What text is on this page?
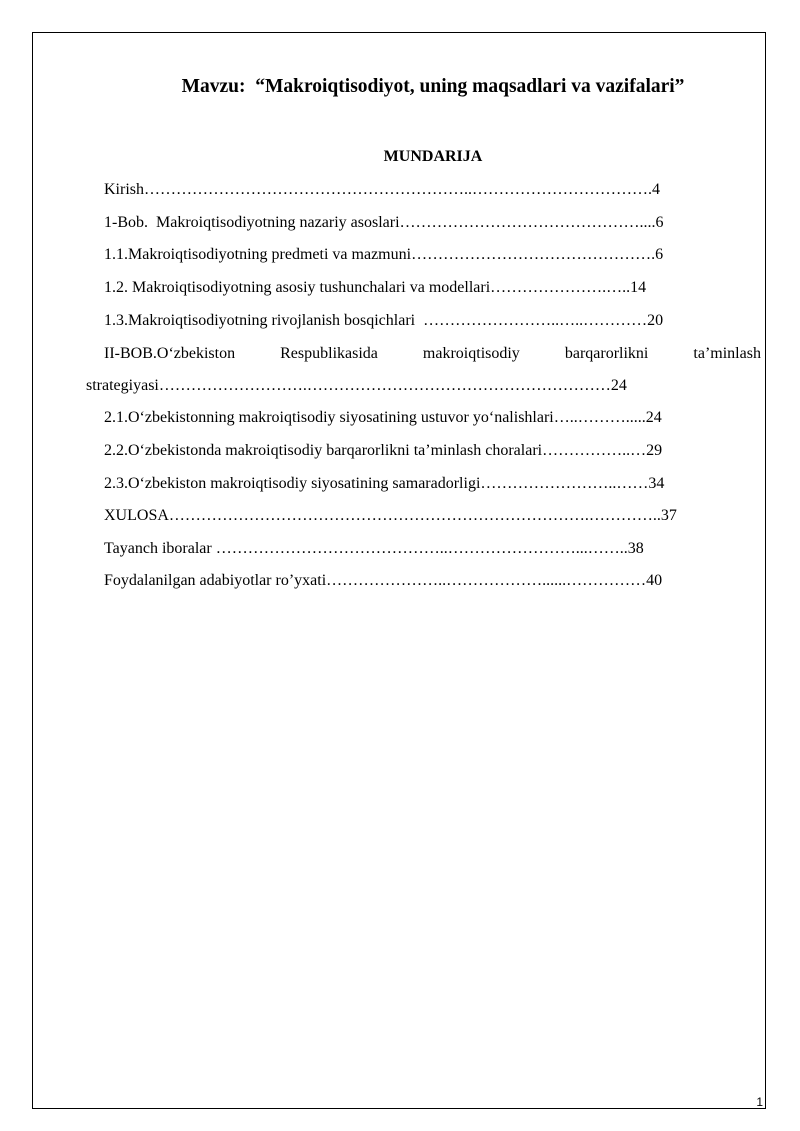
Mavzu:  “Makroiqtisodiyot, uning maqsadlari va vazifalari”
MUNDARIJA
Kirish……………………………………………………..…………………………….4
1-Bob.  Makroiqtisodiyotning nazariy asoslari………………………………………....6
1.1.Makroiqtisodiyotning predmeti va mazmuni……………………………………….6
1.2. Makroiqtisodiyotning asosiy tushunchalari va modellari………………….…..14
1.3.Makroiqtisodiyotning rivojlanish bosqichlari  ……………………..…..…………20
II-BOB.O‘zbekiston	Respublikasida	makroiqtisodiy	barqarorlikni	ta’minlash
strategiyasi……………………….…………………………………………………24
2.1.O‘zbekistonning makroiqtisodiy siyosatining ustuvor yo‘nalishlari…..……….....24
2.2.O‘zbekistonda makroiqtisodiy barqarorlikni ta’minlash choralari……………..…29
2.3.O‘zbekiston makroiqtisodiy siyosatining samaradorligi……………………..……34
XULOSA…………………………………………………………………….…………..37
Tayanch iboralar ……………………………………..……………………...……..38
Foydalanilgan adabiyotlar ro’yxati…………………..………………......……………40
1
